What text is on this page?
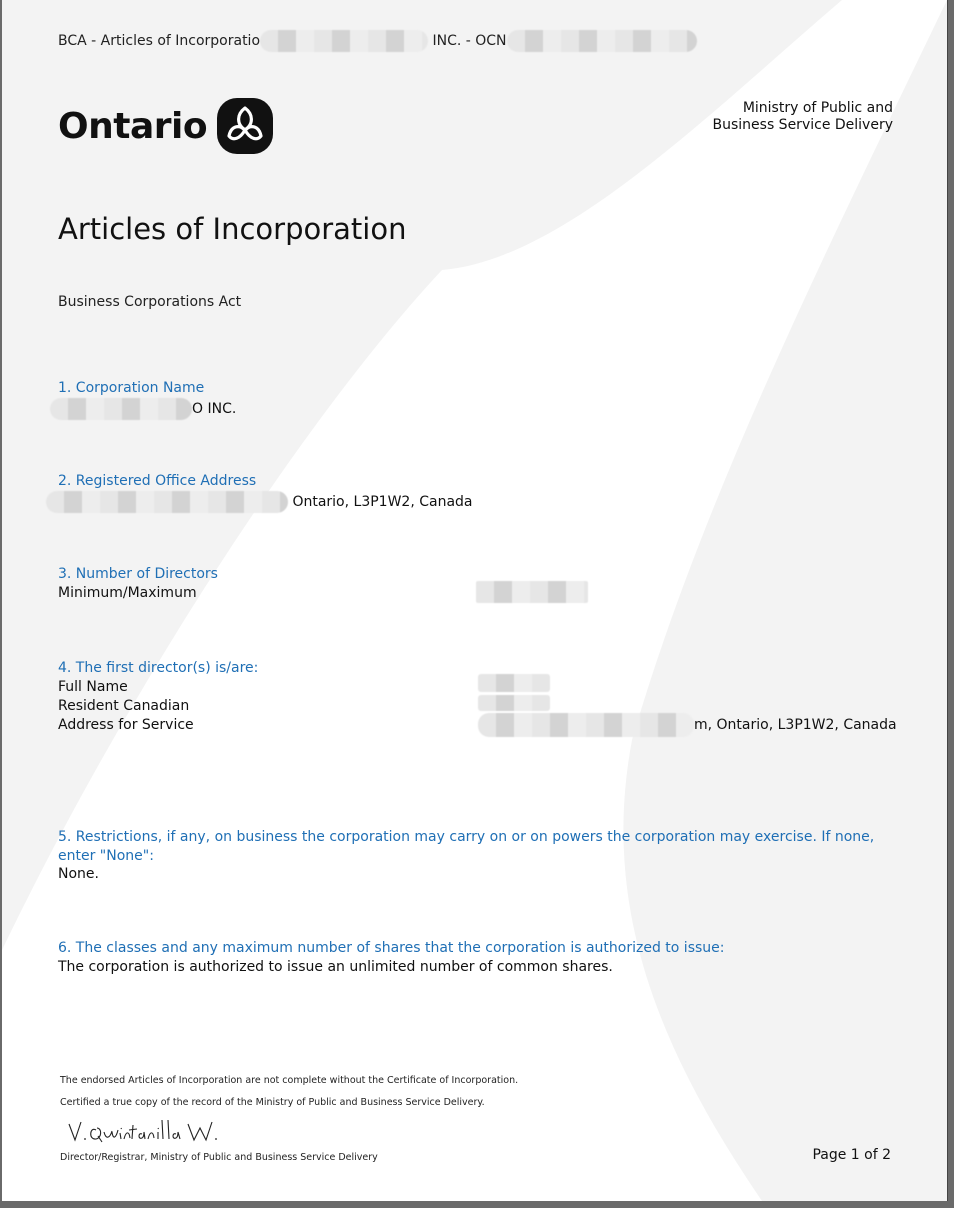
BCA - Articles of Incorporatio	INC. - OCN
Ontario	Ministry of Public and
Business Service Delivery
Articles of Incorporation
Business Corporations Act
1. Corporation Name
O INC.
2. Registered Office Address
Ontario, L3P1W2, Canada
3. Number of Directors
Minimum/Maximum
4. The first director(s) is/are:
Full Name
Resident Canadian
Address for Service	m, Ontario, L3P1W2, Canada
5. Restrictions, if any, on business the corporation may carry on or on powers the corporation may exercise. If none, enter "None":
None.
6. The classes and any maximum number of shares that the corporation is authorized to issue:
The corporation is authorized to issue an unlimited number of common shares.
The endorsed Articles of Incorporation are not complete without the Certificate of Incorporation.
Certified a true copy of the record of the Ministry of Public and Business Service Delivery.
Director/Registrar, Ministry of Public and Business Service Delivery	Page 1 of 2
